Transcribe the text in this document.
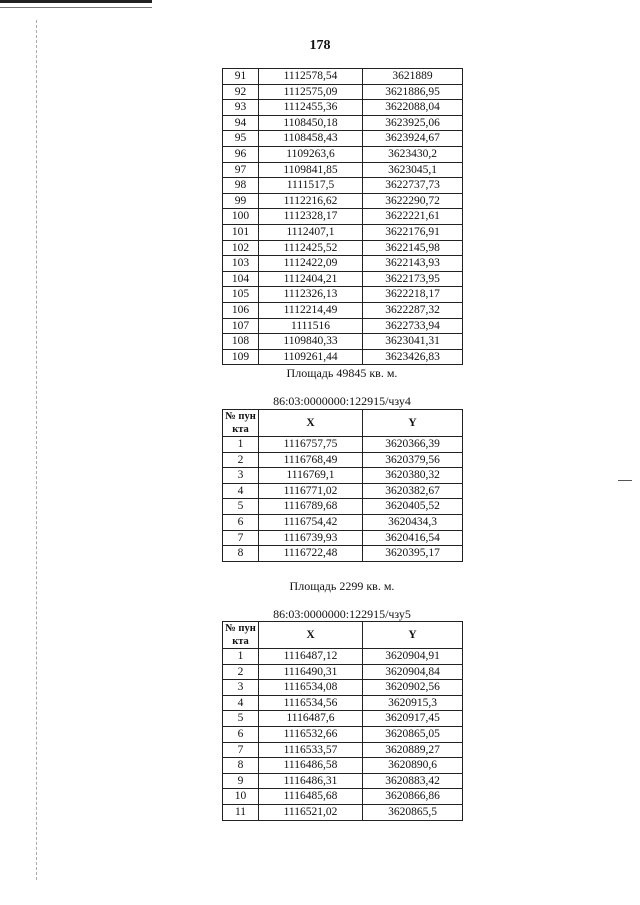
178
91	1112578,54	3621889
92	1112575,09	3621886,95
93	1112455,36	3622088,04
94	1108450,18	3623925,06
95	1108458,43	3623924,67
96	1109263,6	3623430,2
97	1109841,85	3623045,1
98	1111517,5	3622737,73
99	1112216,62	3622290,72
100	1112328,17	3622221,61
101	1112407,1	3622176,91
102	1112425,52	3622145,98
103	1112422,09	3622143,93
104	1112404,21	3622173,95
105	1112326,13	3622218,17
106	1112214,49	3622287,32
107	1111516	3622733,94
108	1109840,33	3623041,31
109	1109261,44	3623426,83
Площадь 49845 кв. м.
86:03:0000000:122915/чзу4
№ пун кта	X	Y
1	1116757,75	3620366,39
2	1116768,49	3620379,56
3	1116769,1	3620380,32
4	1116771,02	3620382,67
5	1116789,68	3620405,52
6	1116754,42	3620434,3
7	1116739,93	3620416,54
8	1116722,48	3620395,17
Площадь 2299 кв. м.
86:03:0000000:122915/чзу5
№ пун кта	X	Y
1	1116487,12	3620904,91
2	1116490,31	3620904,84
3	1116534,08	3620902,56
4	1116534,56	3620915,3
5	1116487,6	3620917,45
6	1116532,66	3620865,05
7	1116533,57	3620889,27
8	1116486,58	3620890,6
9	1116486,31	3620883,42
10	1116485,68	3620866,86
11	1116521,02	3620865,5
